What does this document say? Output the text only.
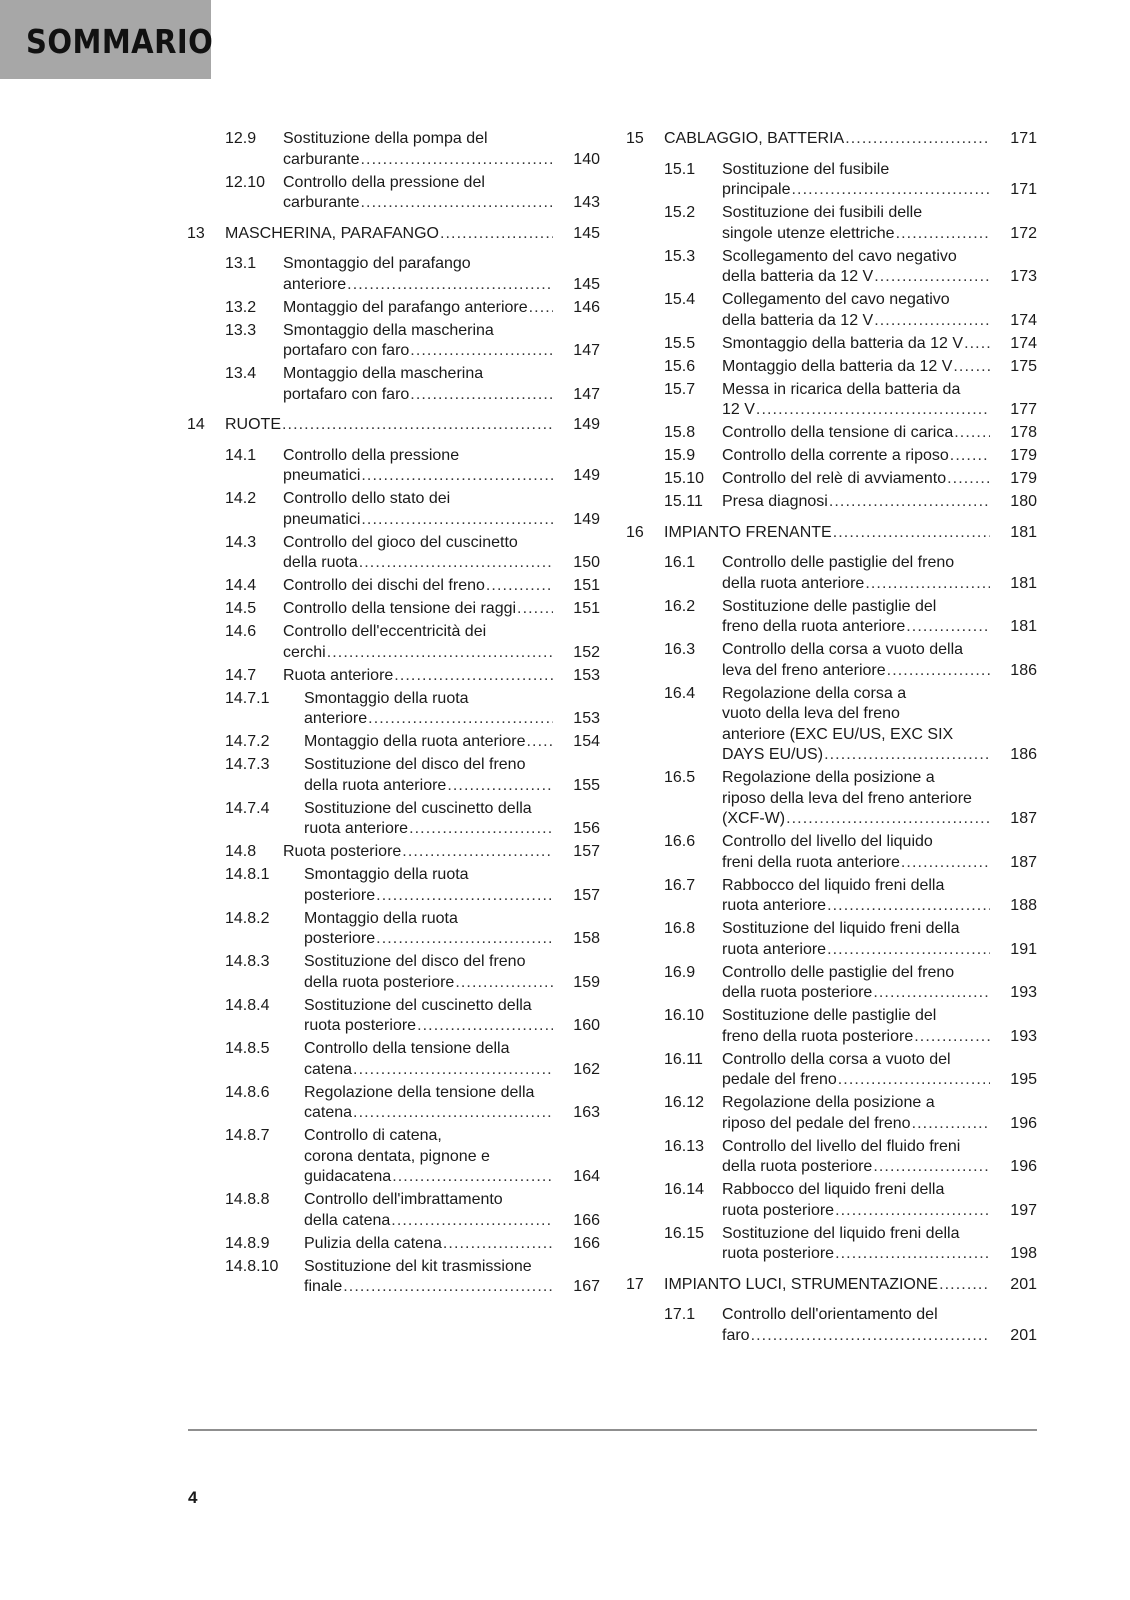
SOMMARIO
12.9 Sostituzione della pompa del
carburante .....	140
12.10 Controllo della pressione del
carburante .....	143
13 MASCHERINA, PARAFANGO .....	145
13.1 Smontaggio del parafango
anteriore .....	145
13.2 Montaggio del parafango anteriore .....	146
13.3 Smontaggio della mascherina
portafaro con faro .....	147
13.4 Montaggio della mascherina
portafaro con faro .....	147
14 RUOTE .....	149
14.1 Controllo della pressione
pneumatici .....	149
14.2 Controllo dello stato dei
pneumatici .....	149
14.3 Controllo del gioco del cuscinetto
della ruota .....	150
14.4 Controllo dei dischi del freno .....	151
14.5 Controllo della tensione dei raggi .....	151
14.6 Controllo dell'eccentricità dei
cerchi .....	152
14.7 Ruota anteriore .....	153
14.7.1 Smontaggio della ruota
anteriore .....	153
14.7.2 Montaggio della ruota anteriore .....	154
14.7.3 Sostituzione del disco del freno
della ruota anteriore .....	155
14.7.4 Sostituzione del cuscinetto della
ruota anteriore .....	156
14.8 Ruota posteriore .....	157
14.8.1 Smontaggio della ruota
posteriore .....	157
14.8.2 Montaggio della ruota
posteriore .....	158
14.8.3 Sostituzione del disco del freno
della ruota posteriore .....	159
14.8.4 Sostituzione del cuscinetto della
ruota posteriore .....	160
14.8.5 Controllo della tensione della
catena .....	162
14.8.6 Regolazione della tensione della
catena .....	163
14.8.7 Controllo di catena,
corona dentata, pignone e
guidacatena .....	164
14.8.8 Controllo dell'imbrattamento
della catena .....	166
14.8.9 Pulizia della catena .....	166
14.8.10 Sostituzione del kit trasmissione
finale .....	167
15 CABLAGGIO, BATTERIA .....	171
15.1 Sostituzione del fusibile
principale .....	171
15.2 Sostituzione dei fusibili delle
singole utenze elettriche .....	172
15.3 Scollegamento del cavo negativo
della batteria da 12 V .....	173
15.4 Collegamento del cavo negativo
della batteria da 12 V .....	174
15.5 Smontaggio della batteria da 12 V .....	174
15.6 Montaggio della batteria da 12 V .....	175
15.7 Messa in ricarica della batteria da
12 V .....	177
15.8 Controllo della tensione di carica .....	178
15.9 Controllo della corrente a riposo .....	179
15.10 Controllo del relè di avviamento .....	179
15.11 Presa diagnosi .....	180
16 IMPIANTO FRENANTE .....	181
16.1 Controllo delle pastiglie del freno
della ruota anteriore .....	181
16.2 Sostituzione delle pastiglie del
freno della ruota anteriore .....	181
16.3 Controllo della corsa a vuoto della
leva del freno anteriore .....	186
16.4 Regolazione della corsa a
vuoto della leva del freno
anteriore (EXC EU/US, EXC SIX
DAYS EU/US) .....	186
16.5 Regolazione della posizione a
riposo della leva del freno anteriore
(XCF-W) .....	187
16.6 Controllo del livello del liquido
freni della ruota anteriore .....	187
16.7 Rabbocco del liquido freni della
ruota anteriore .....	188
16.8 Sostituzione del liquido freni della
ruota anteriore .....	191
16.9 Controllo delle pastiglie del freno
della ruota posteriore .....	193
16.10 Sostituzione delle pastiglie del
freno della ruota posteriore .....	193
16.11 Controllo della corsa a vuoto del
pedale del freno .....	195
16.12 Regolazione della posizione a
riposo del pedale del freno .....	196
16.13 Controllo del livello del fluido freni
della ruota posteriore .....	196
16.14 Rabbocco del liquido freni della
ruota posteriore .....	197
16.15 Sostituzione del liquido freni della
ruota posteriore .....	198
17 IMPIANTO LUCI, STRUMENTAZIONE .....	201
17.1 Controllo dell'orientamento del
faro .....	201
4
